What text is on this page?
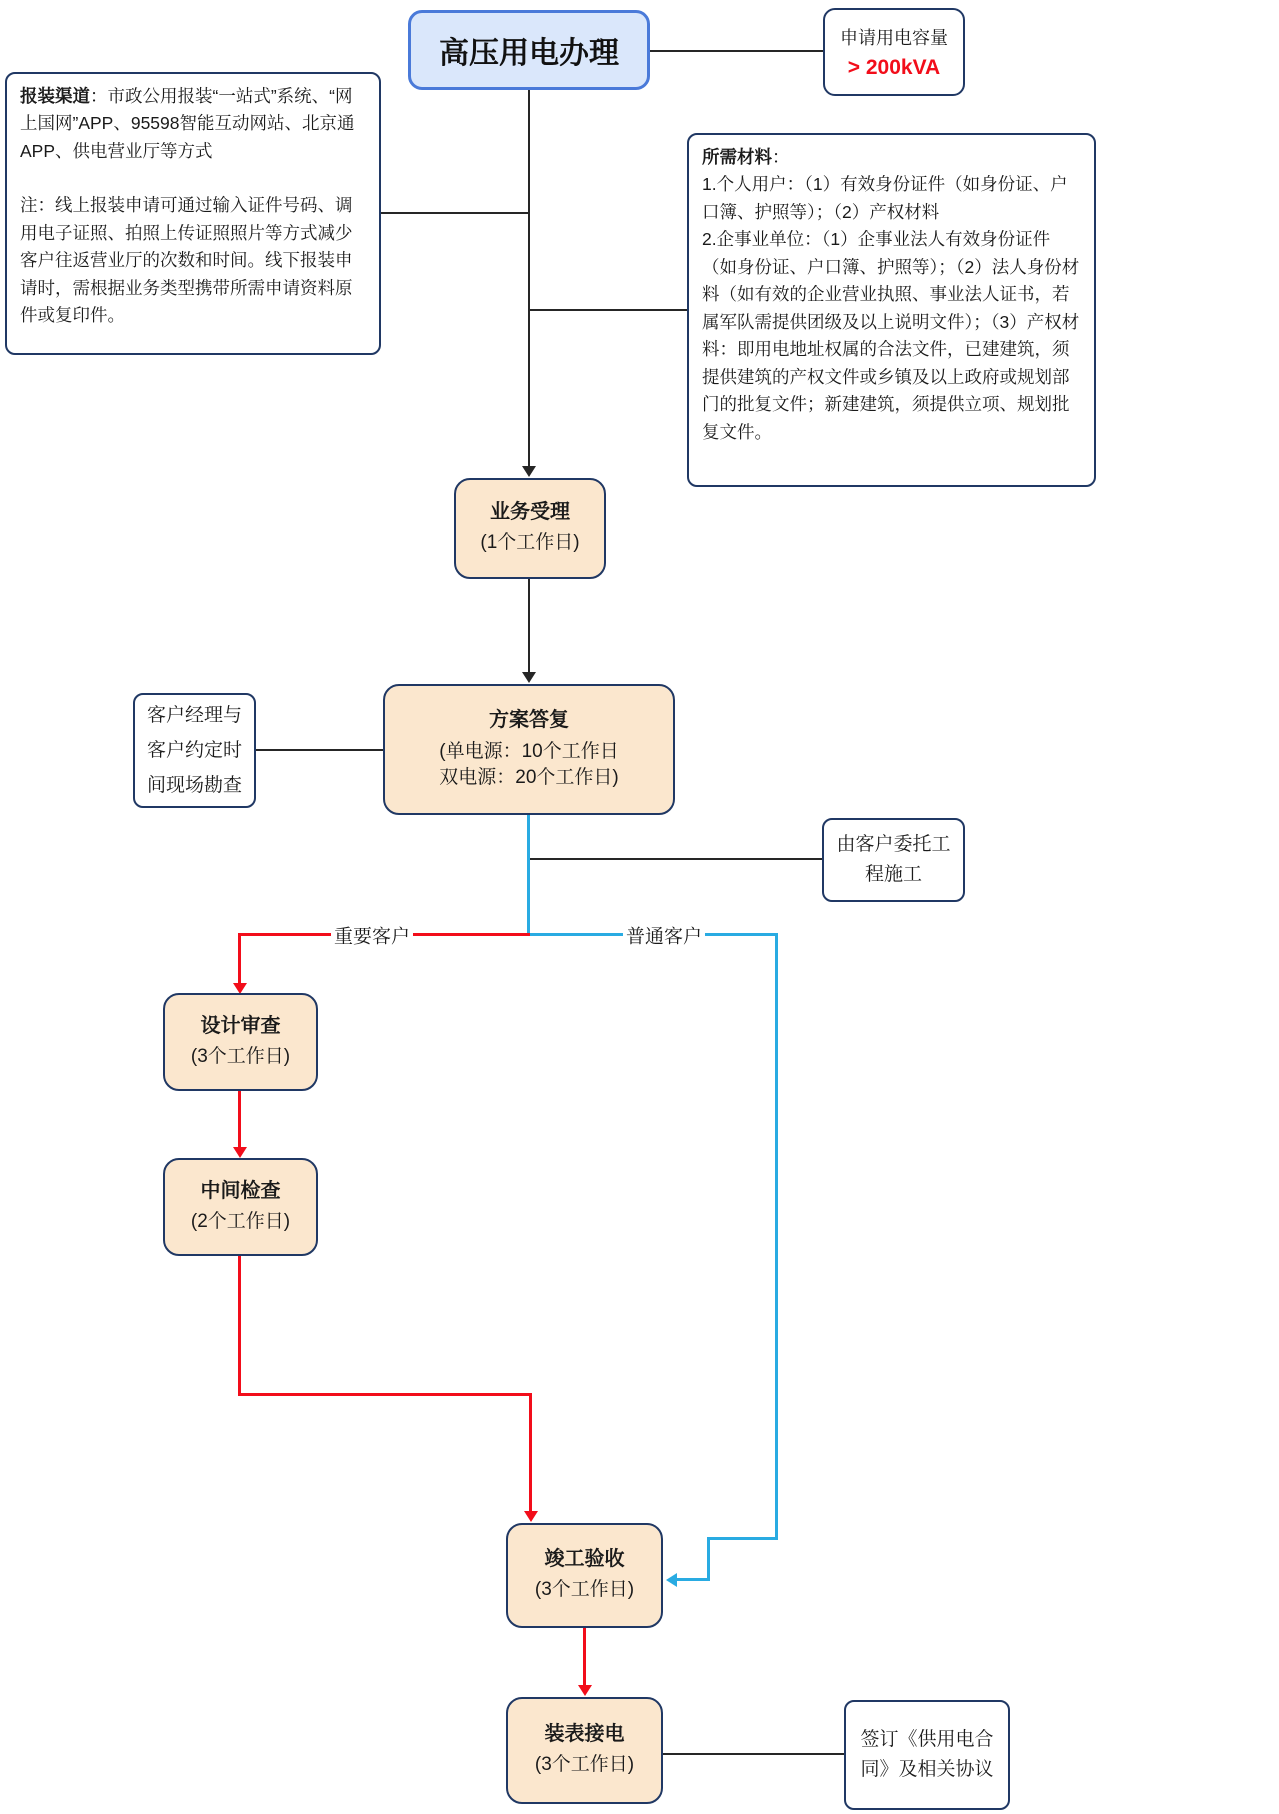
重要客户	普通客户
高压用电办理	申请用电容量
> 200kVA

报装渠道：市政公用报装“一站式”系统、“网上国网”APP、95598智能互动网站、北京通APP、供电营业厅等方式

注：线上报装申请可通过输入证件号码、调用电子证照、拍照上传证照照片等方式减少客户往返营业厅的次数和时间。线下报装申请时，需根据业务类型携带所需申请资料原件或复印件。

所需材料：

1.个人用户：（1）有效身份证件（如身份证、户口簿、护照等）；（2）产权材料

2.企事业单位：（1）企事业法人有效身份证件（如身份证、户口簿、护照等）；（2）法人身份材料（如有效的企业营业执照、事业法人证书，若属军队需提供团级及以上说明文件）；（3）产权材料：即用电地址权属的合法文件，已建建筑，须提供建筑的产权文件或乡镇及以上政府或规划部门的批复文件；新建建筑，须提供立项、规划批复文件。

业务受理
(1个工作日)
方案答复
(单电源：10个工作日
双电源：20个工作日)
客户经理与客户约定时间现场勘查
由客户委托工程施工
设计审查
(3个工作日)
中间检查
(2个工作日)
竣工验收
(3个工作日)
装表接电
(3个工作日)
签订《供用电合同》及相关协议
